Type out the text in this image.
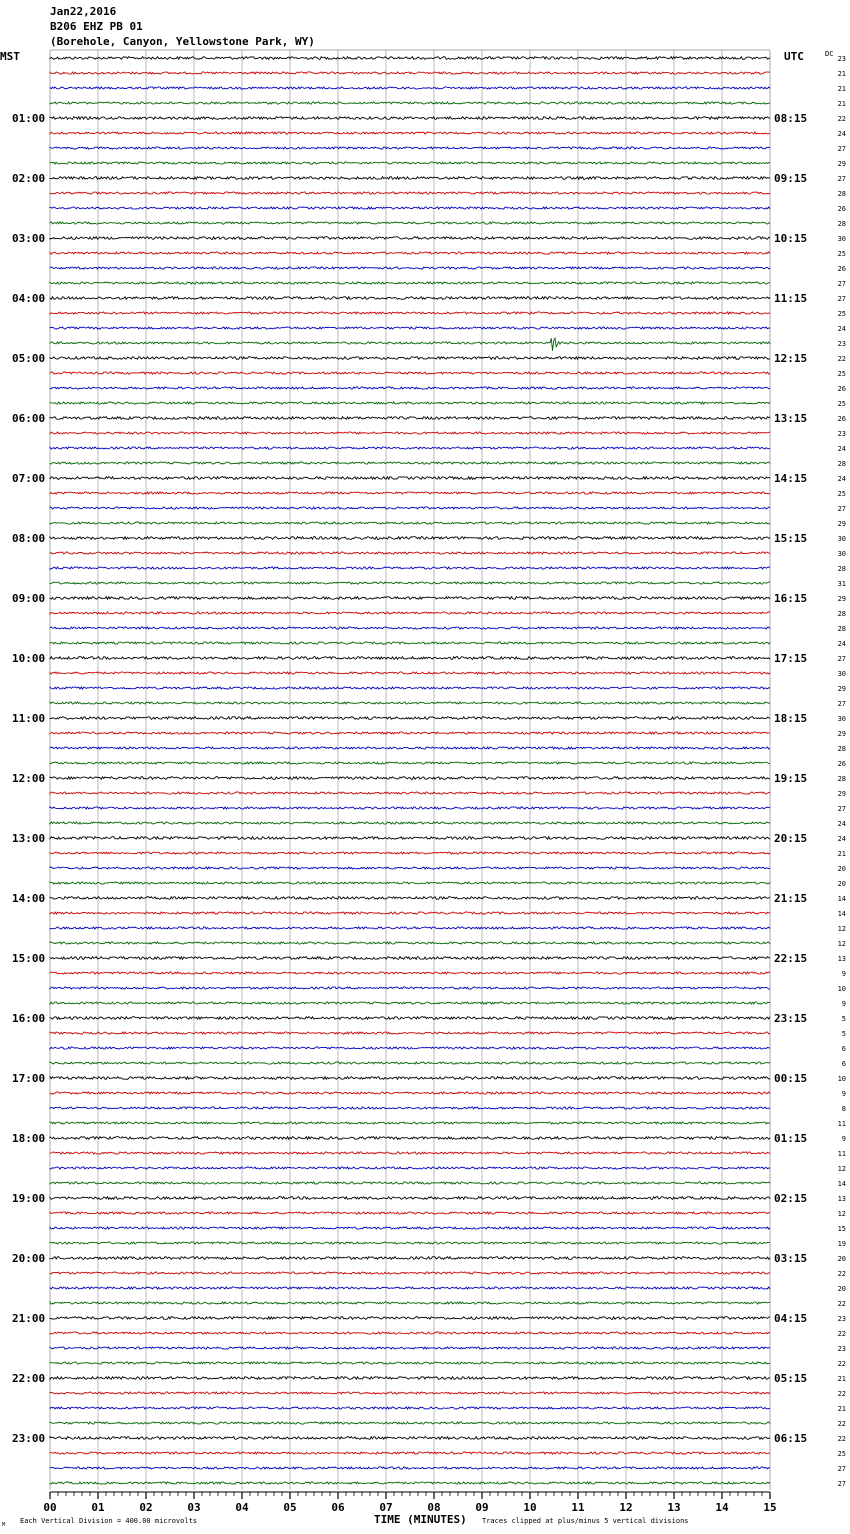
Jan22,2016
B206 EHZ PB 01
(Borehole, Canyon, Yellowstone Park, WY)
00	01	02	03	04	05	06	07	08	09	10	11	12	13	14	15
01:00
02:00
03:00
04:00
05:00
06:00
07:00
08:00
09:00
10:00
11:00
12:00
13:00
14:00
15:00
16:00
17:00
18:00
19:00
20:00
21:00
22:00
23:00
08:15
09:15
10:15
11:15
12:15
13:15
14:15
15:15
16:15
17:15
18:15
19:15
20:15
21:15
22:15
23:15
00:15
01:15
02:15
03:15
04:15
05:15
06:15
23
21
21
21
22
24
27
29
27
28
26
28
30
25
26
27
27
25
24
23
22
25
26
25
26
23
24
28
24
25
27
29
30
30
28
31
29
28
28
24
27
30
29
27
30
29
28
26
28
29
27
24
24
21
20
20
14
14
12
12
13
9
10
9
5
5
6
6
10
9
8
11
9
11
12
14
13
12
15
19
20
22
20
22
23
22
23
22
21
22
21
22
22
25
27
27
MST	UTC	DC
TIME (MINUTES)
Each Vertical Division = 400.00 microvolts	Traces clipped at plus/minus 5 vertical divisions
M
